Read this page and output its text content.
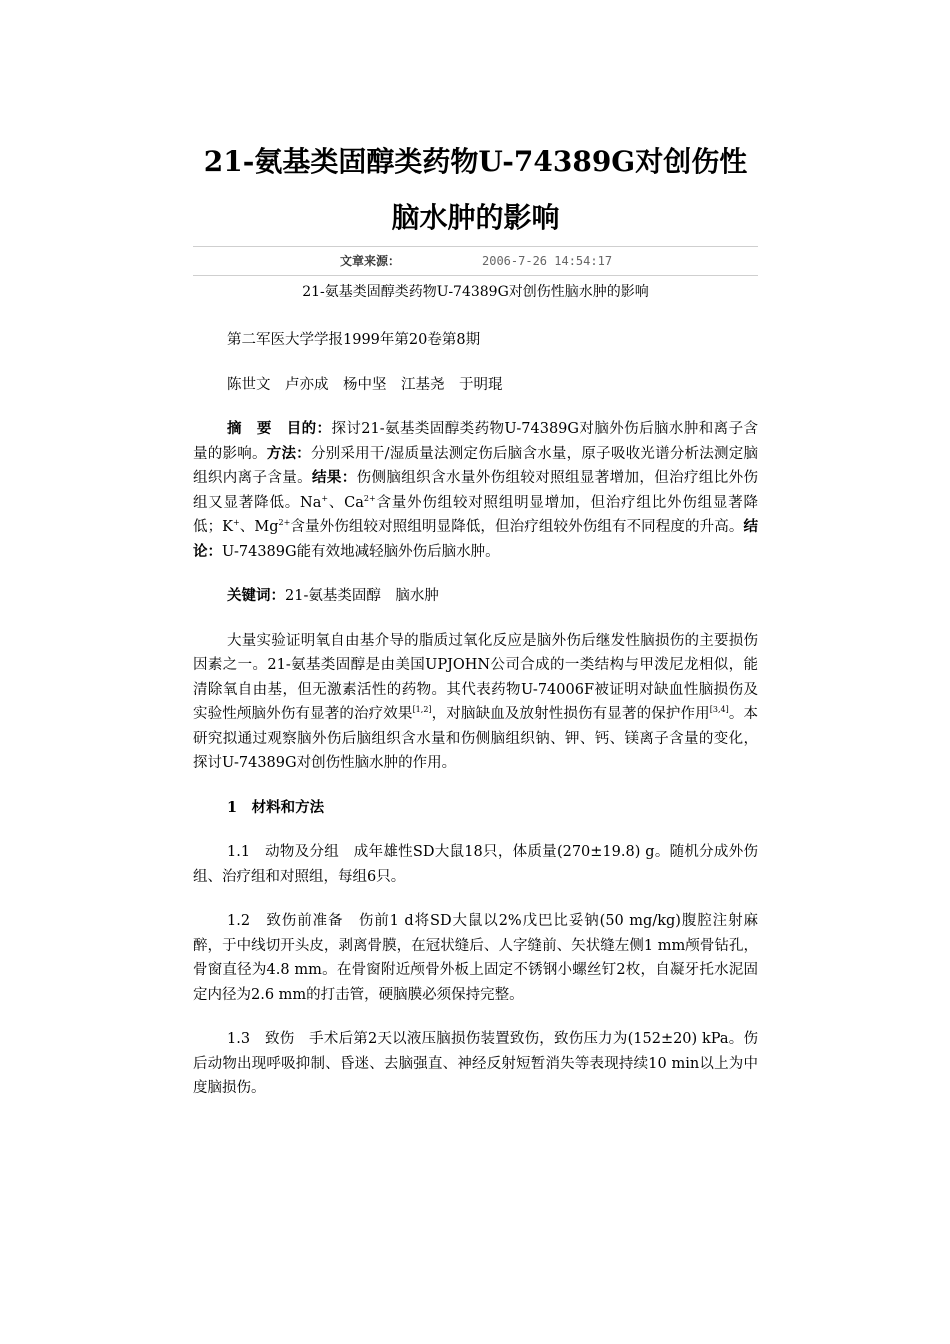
21-氨基类固醇类药物U-74389G对创伤性脑水肿的影响
文章来源：	2006-7-26 14:54:17
21-氨基类固醇类药物U-74389G对创伤性脑水肿的影响

第二军医大学学报1999年第20卷第8期

陈世文　卢亦成　杨中坚　江基尧　于明琨

摘　要　 目的：探讨21-氨基类固醇类药物U-74389G对脑外伤后脑水肿和离子含量的影响。方法：分别采用干/湿质量法测定伤后脑含水量，原子吸收光谱分析法测定脑组织内离子含量。结果：伤侧脑组织含水量外伤组较对照组显著增加，但治疗组比外伤组又显著降低。Na+、$Ca^{2+}$含量外伤组较对照组明显增加，但治疗组比外伤组显著降低；K+、$Mg^{2+}$含量外伤组较对照组明显降低，但治疗组较外伤组有不同程度的升高。结论：U-74389G能有效地减轻脑外伤后脑水肿。

关键词：21-氨基类固醇　脑水肿

大量实验证明氧自由基介导的脂质过氧化反应是脑外伤后继发性脑损伤的主要损伤因素之一。21-氨基类固醇是由美国UPJOHN公司合成的一类结构与甲泼尼龙相似，能清除氧自由基，但无激素活性的药物。其代表药物U-74006F被证明对缺血性脑损伤及实验性颅脑外伤有显著的治疗效果[1,2]，对脑缺血及放射性损伤有显著的保护作用[3,4]。本研究拟通过观察脑外伤后脑组织含水量和伤侧脑组织钠、钾、钙、镁离子含量的变化，探讨U-74389G对创伤性脑水肿的作用。

1　材料和方法

1.1　动物及分组　成年雄性SD大鼠18只，体质量(270±19.8) g。随机分成外伤组、治疗组和对照组，每组6只。

1.2　致伤前准备　伤前1 d将SD大鼠以2%戊巴比妥钠(50 mg/kg)腹腔注射麻醉，于中线切开头皮，剥离骨膜，在冠状缝后、人字缝前、矢状缝左侧1 mm颅骨钻孔，骨窗直径为4.8 mm。在骨窗附近颅骨外板上固定不锈钢小螺丝钉2枚，自凝牙托水泥固定内径为2.6 mm的打击管，硬脑膜必须保持完整。

1.3　致伤　手术后第2天以液压脑损伤装置致伤，致伤压力为(152±20) kPa。伤后动物出现呼吸抑制、昏迷、去脑强直、神经反射短暂消失等表现持续10 min以上为中度脑损伤。
